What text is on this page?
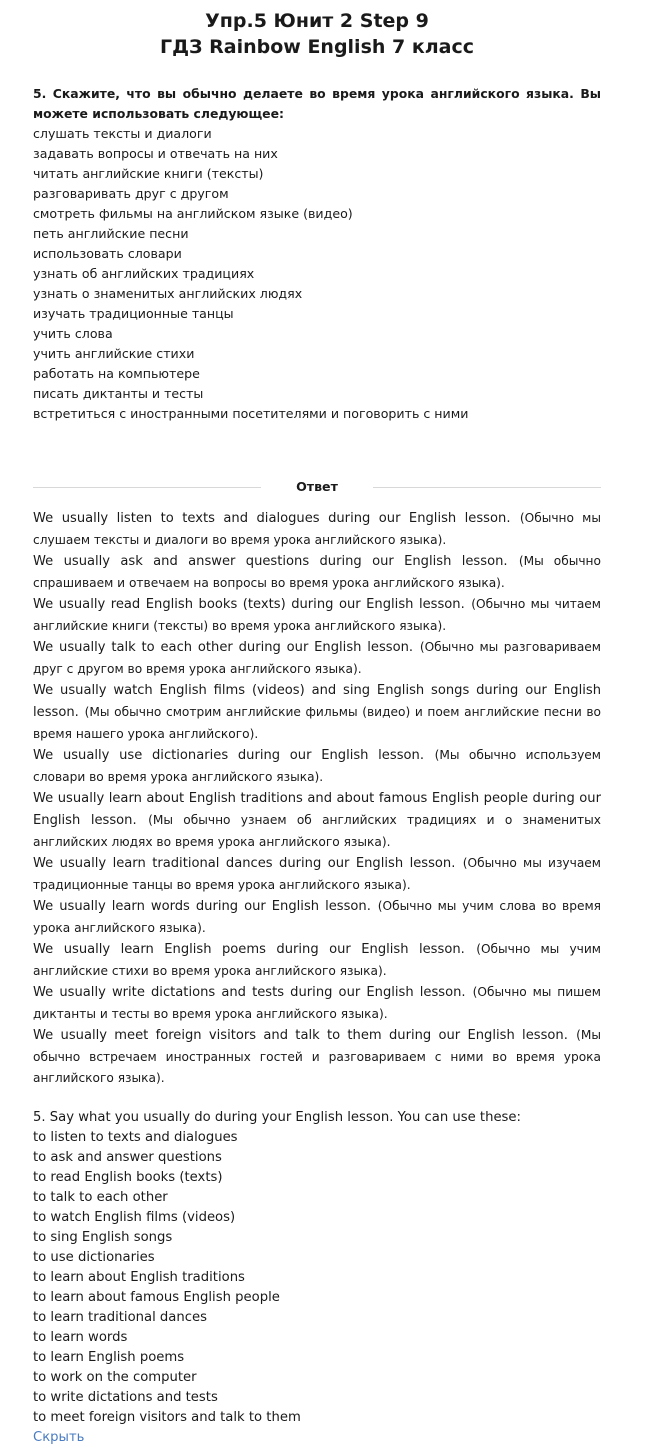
Упр.5 Юнит 2 Step 9
ГДЗ Rainbow English 7 класс
5. Скажите, что вы обычно делаете во время урока английского языка. Вы можете использовать следующее:
слушать тексты и диалоги
задавать вопросы и отвечать на них
читать английские книги (тексты)
разговаривать друг с другом
смотреть фильмы на английском языке (видео)
петь английские песни
использовать словари
узнать об английских традициях
узнать о знаменитых английских людях
изучать традиционные танцы
учить слова
учить английские стихи
работать на компьютере
писать диктанты и тесты
встретиться с иностранными посетителями и поговорить с ними
Ответ

We usually listen to texts and dialogues during our English lesson. (Обычно мы слушаем тексты и диалоги во время урока английского языка).

We usually ask and answer questions during our English lesson. (Мы обычно спрашиваем и отвечаем на вопросы во время урока английского языка).

We usually read English books (texts) during our English lesson. (Обычно мы читаем английские книги (тексты) во время урока английского языка).

We usually talk to each other during our English lesson. (Обычно мы разговариваем друг с другом во время урока английского языка).

We usually watch English films (videos) and sing English songs during our English lesson. (Мы обычно смотрим английские фильмы (видео) и поем английские песни во время нашего урока английского).

We usually use dictionaries during our English lesson. (Мы обычно используем словари во время урока английского языка).

We usually learn about English traditions and about famous English people during our English lesson. (Мы обычно узнаем об английских традициях и о знаменитых английских людях во время урока английского языка).

We usually learn traditional dances during our English lesson. (Обычно мы изучаем традиционные танцы во время урока английского языка).

We usually learn words during our English lesson. (Обычно мы учим слова во время урока английского языка).

We usually learn English poems during our English lesson. (Обычно мы учим английские стихи во время урока английского языка).

We usually write dictations and tests during our English lesson. (Обычно мы пишем диктанты и тесты во время урока английского языка).

We usually meet foreign visitors and talk to them during our English lesson. (Мы обычно встречаем иностранных гостей и разговариваем с ними во время урока английского языка).

5. Say what you usually do during your English lesson. You can use these:
to listen to texts and dialogues
to ask and answer questions
to read English books (texts)
to talk to each other
to watch English films (videos)
to sing English songs
to use dictionaries
to learn about English traditions
to learn about famous English people
to learn traditional dances
to learn words
to learn English poems
to work on the computer
to write dictations and tests
to meet foreign visitors and talk to them
Скрыть
